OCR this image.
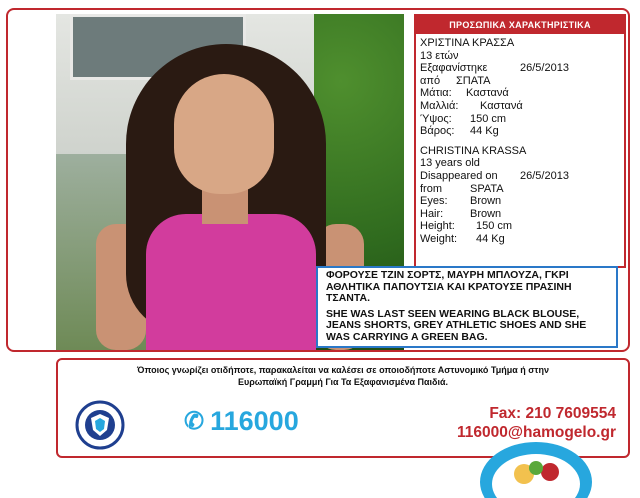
ΠΡΟΣΩΠΙΚΑ ΧΑΡΑΚΤΗΡΙΣΤΙΚΑ
ΧΡΙΣΤΙΝΑ ΚΡΑΣΣΑ
13 ετών
Εξαφανίστηκε	26/5/2013
από	ΣΠΑΤΑ
Μάτια:	Καστανά
Μαλλιά:	Καστανά
Ύψος:	150 cm
Βάρος:	44 Kg
CHRISTINA KRASSA
13 years old
Disappeared on	26/5/2013
from	SPATA
Eyes:	Brown
Hair:	Brown
Height:	150 cm
Weight:	44 Kg

ΦΟΡΟΥΣΕ ΤΖΙΝ ΣΟΡΤΣ, ΜΑΥΡΗ ΜΠΛΟΥΖΑ, ΓΚΡΙ ΑΘΛΗΤΙΚΑ ΠΑΠΟΥΤΣΙΑ ΚΑΙ ΚΡΑΤΟΥΣΕ ΠΡΑΣΙΝΗ ΤΣΑΝΤΑ.

SHE WAS LAST SEEN WEARING BLACK BLOUSE, JEANS SHORTS, GREY ATHLETIC SHOES AND SHE WAS CARRYING A GREEN BAG.

Όποιος γνωρίζει οτιδήποτε, παρακαλείται να καλέσει σε οποιοδήποτε Αστυνομικό Τμήμα ή στην
Ευρωπαϊκή Γραμμή Για Τα Εξαφανισμένα Παιδιά.
✆ 116000	Fax: 210 7609554
116000@hamogelo.gr
